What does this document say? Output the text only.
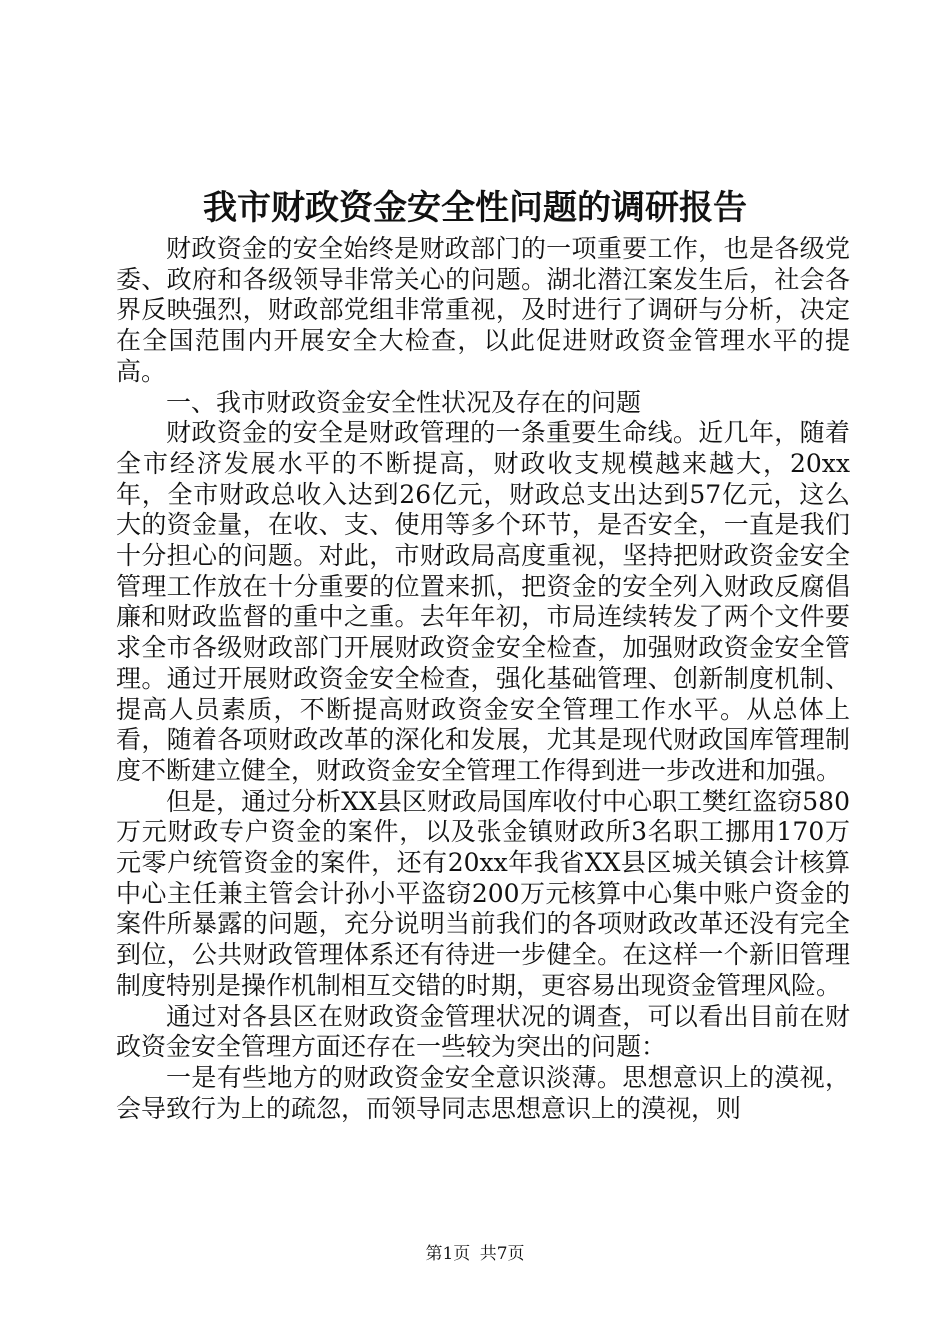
我市财政资金安全性问题的调研报告

财政资金的安全始终是财政部门的一项重要工作，也是各级党委、政府和各级领导非常关心的问题。湖北潜江案发生后，社会各界反映强烈，财政部党组非常重视，及时进行了调研与分析，决定在全国范围内开展安全大检查，以此促进财政资金管理水平的提高。

一、我市财政资金安全性状况及存在的问题

财政资金的安全是财政管理的一条重要生命线。近几年，随着全市经济发展水平的不断提高，财政收支规模越来越大，20xx年，全市财政总收入达到26亿元，财政总支出达到57亿元，这么大的资金量，在收、支、使用等多个环节，是否安全，一直是我们十分担心的问题。对此，市财政局高度重视，坚持把财政资金安全管理工作放在十分重要的位置来抓，把资金的安全列入财政反腐倡廉和财政监督的重中之重。去年年初，市局连续转发了两个文件要求全市各级财政部门开展财政资金安全检查，加强财政资金安全管理。通过开展财政资金安全检查，强化基础管理、创新制度机制、提高人员素质，不断提高财政资金安全管理工作水平。从总体上看，随着各项财政改革的深化和发展，尤其是现代财政国库管理制度不断建立健全，财政资金安全管理工作得到进一步改进和加强。

但是，通过分析XX县区财政局国库收付中心职工樊红盗窃580万元财政专户资金的案件，以及张金镇财政所3名职工挪用170万元零户统管资金的案件，还有20xx年我省XX县区城关镇会计核算中心主任兼主管会计孙小平盗窃200万元核算中心集中账户资金的案件所暴露的问题，充分说明当前我们的各项财政改革还没有完全到位，公共财政管理体系还有待进一步健全。在这样一个新旧管理制度特别是操作机制相互交错的时期，更容易出现资金管理风险。

通过对各县区在财政资金管理状况的调查，可以看出目前在财政资金安全管理方面还存在一些较为突出的问题：

一是有些地方的财政资金安全意识淡薄。思想意识上的漠视，会导致行为上的疏忽，而领导同志思想意识上的漠视，则

第1页 共7页
